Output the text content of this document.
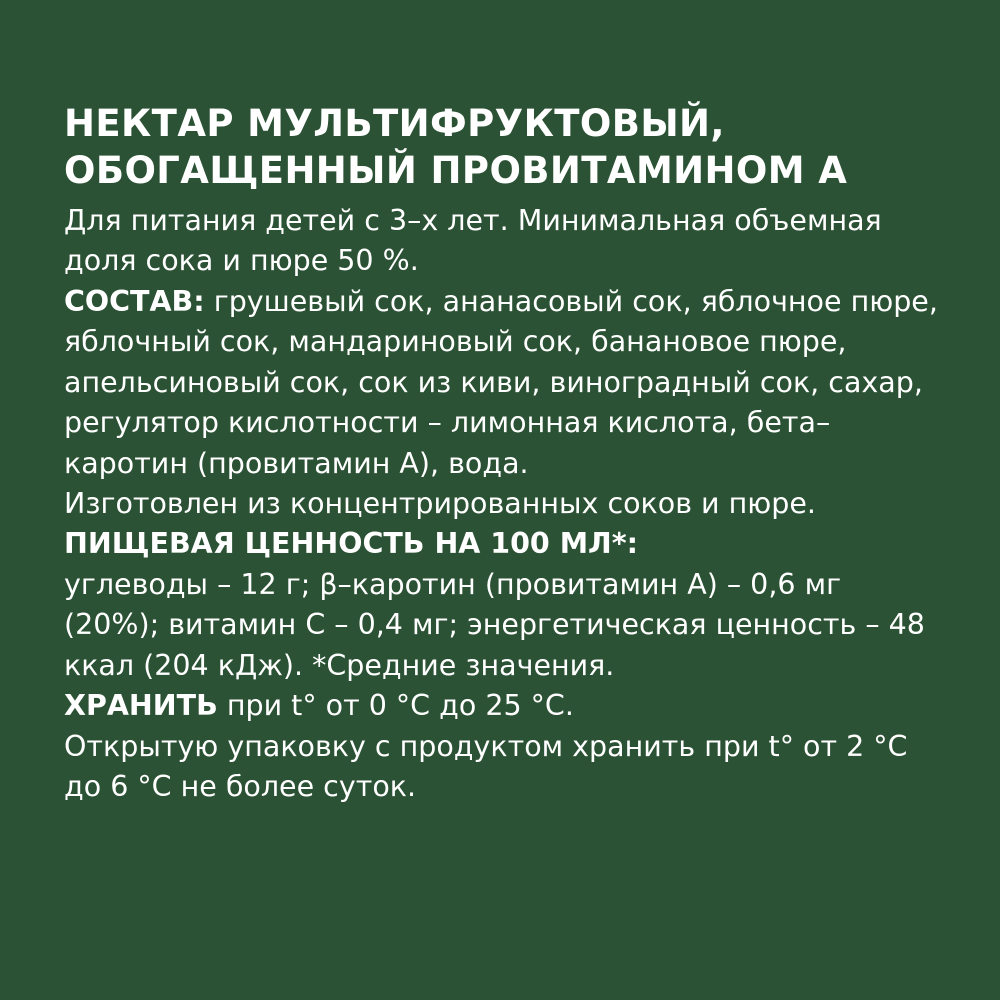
НЕКТАР МУЛЬТИФРУКТОВЫЙ,
ОБОГАЩЕННЫЙ ПРОВИТАМИНОМ А

Для питания детей с 3–х лет. Минимальная объемная доля сока и пюре 50 %.

СОСТАВ: грушевый сок, ананасовый сок, яблочное пюре, яблочный сок, мандариновый сок, банановое пюре, апельсиновый сок, сок из киви, виноградный сок, сахар, регулятор кислотности – лимонная кислота, бета–каротин (провитамин А), вода.

Изготовлен из концентрированных соков и пюре.

ПИЩЕВАЯ ЦЕННОСТЬ НА 100 МЛ*:

углеводы – 12 г; β–каротин (провитамин А) – 0,6 мг (20%); витамин С – 0,4 мг; энергетическая ценность – 48 ккал (204 кДж). *Средние значения.

ХРАНИТЬ при t° от 0 °С до 25 °С.

Открытую упаковку с продуктом хранить при t° от 2 °С до 6 °С не более суток.
